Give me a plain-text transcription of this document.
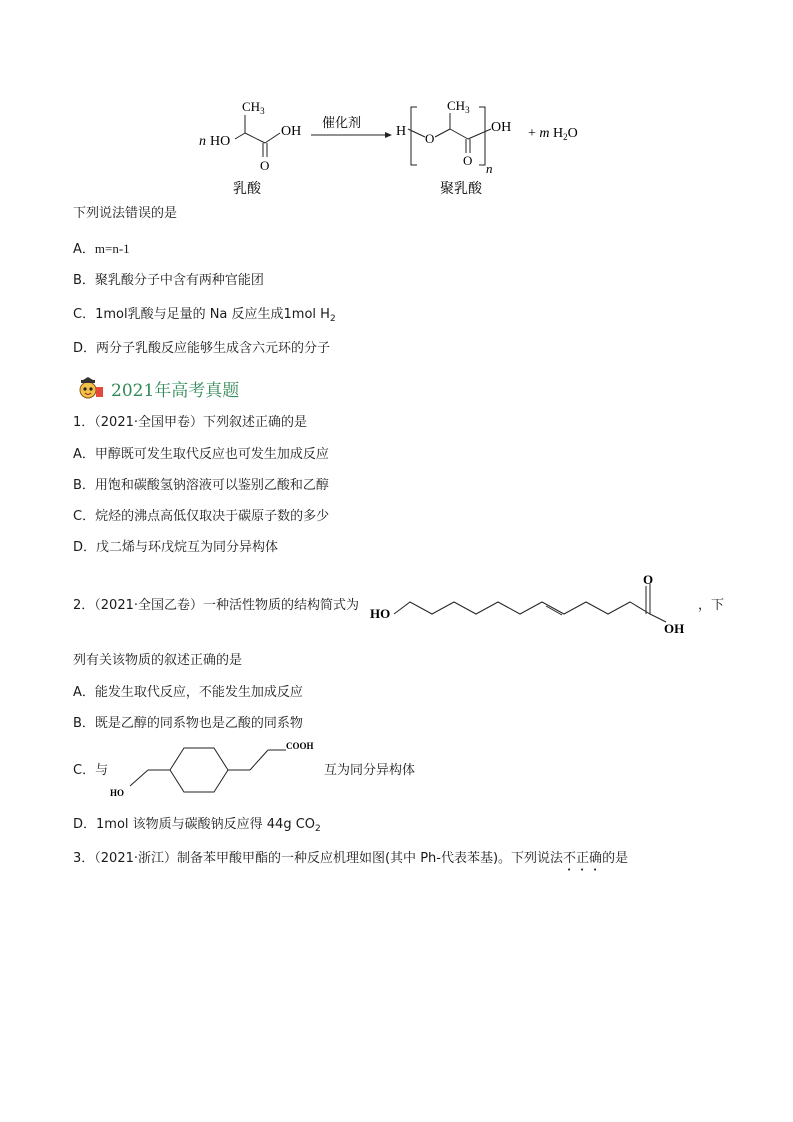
n HO
$CH_3$
OH
O
乳酸
催化剂
H O
$CH_3$
O
OH
n
+ m $H_2O$
聚乳酸
下列说法错误的是
A．m=n-1
B．聚乳酸分子中含有两种官能团
C．1mol乳酸与足量的 Na 反应生成1mol $H_2$
D．两分子乳酸反应能够生成含六元环的分子
2021年高考真题
1．（2021·全国甲卷）下列叙述正确的是
A．甲醇既可发生取代反应也可发生加成反应
B．用饱和碳酸氢钠溶液可以鉴别乙酸和乙醇
C．烷烃的沸点高低仅取决于碳原子数的多少
D．戊二烯与环戊烷互为同分异构体
2．（2021·全国乙卷）一种活性物质的结构简式为
HO
O
OH
，下
列有关该物质的叙述正确的是
A．能发生取代反应，不能发生加成反应
B．既是乙醇的同系物也是乙酸的同系物
C．与
HO
COOH
互为同分异构体
D．1mol 该物质与碳酸钠反应得 44g $CO_2$
3．（2021·浙江）制备苯甲酸甲酯的一种反应机理如图(其中 Ph-代表苯基)。下列说法不正确的是
